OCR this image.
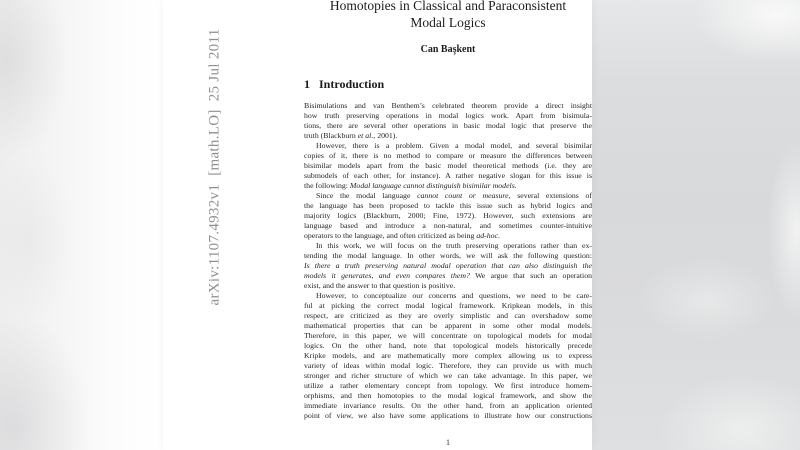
arXiv:1107.4932v1  [math.LO]  25 Jul 2011
Homotopies in Classical and Paraconsistent
Modal Logics
Can Başkent
1 Introduction
Bisimulations and van Benthem’s celebrated theorem provide a direct insight
how truth preserving operations in modal logics work. Apart from bisimula-
tions, there are several other operations in basic modal logic that preserve the
truth (Blackburn et al., 2001).
However, there is a problem. Given a modal model, and several bisimilar
copies of it, there is no method to compare or measure the differences between
bisimilar models apart from the basic model theoretical methods (i.e. they are
submodels of each other, for instance). A rather negative slogan for this issue is
the following: Modal language cannot distinguish bisimilar models.
Since the modal language cannot count or measure, several extensions of
the language has been proposed to tackle this issue such as hybrid logics and
majority logics (Blackburn, 2000; Fine, 1972). However, such extensions are
language based and introduce a non-natural, and sometimes counter-intuitive
operators to the language, and often criticized as being ad-hoc.
In this work, we will focus on the truth preserving operations rather than ex-
tending the modal language. In other words, we will ask the following question:
Is there a truth preserving natural modal operation that can also distinguish the
models it generates, and even compares them? We argue that such an operation
exist, and the answer to that question is positive.
However, to conceptualize our concerns and questions, we need to be care-
ful at picking the correct modal logical framework. Kripkean models, in this
respect, are criticized as they are overly simplistic and can overshadow some
mathematical properties that can be apparent in some other modal models.
Therefore, in this paper, we will concentrate on topological models for modal
logics. On the other hand, note that topological models historically precede
Kripke models, and are mathematically more complex allowing us to express
variety of ideas within modal logic. Therefore, they can provide us with much
stronger and richer structure of which we can take advantage. In this paper, we
utilize a rather elementary concept from topology. We first introduce homem-
orphisms, and then homotopies to the modal logical framework, and show the
immediate invariance results. On the other hand, from an application oriented
point of view, we also have some applications to illustrate how our constructions
1
